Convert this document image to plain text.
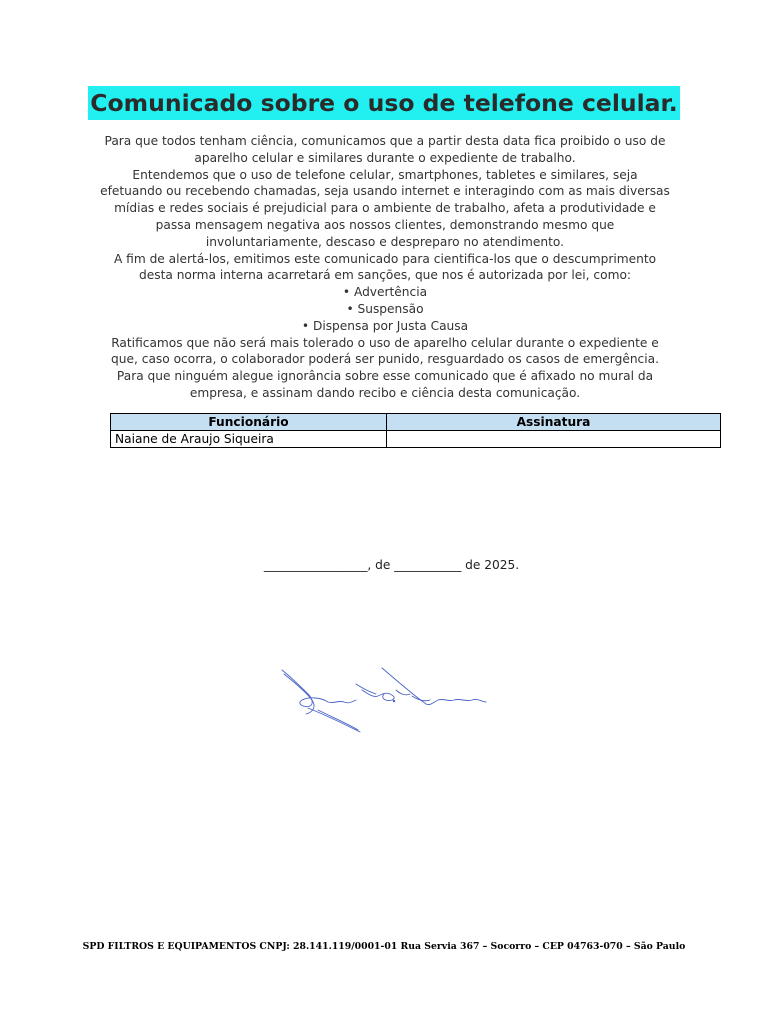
Comunicado sobre o uso de telefone celular.

Para que todos tenham ciência, comunicamos que a partir desta data fica proibido o uso de aparelho celular e similares durante o expediente de trabalho.

Entendemos que o uso de telefone celular, smartphones, tabletes e similares, seja efetuando ou recebendo chamadas, seja usando internet e interagindo com as mais diversas mídias e redes sociais é prejudicial para o ambiente de trabalho, afeta a produtividade e passa mensagem negativa aos nossos clientes, demonstrando mesmo que involuntariamente, descaso e despreparo no atendimento.

A fim de alertá-los, emitimos este comunicado para cientifica-los que o descumprimento desta norma interna acarretará em sanções, que nos é autorizada por lei, como:

• Advertência

• Suspensão

• Dispensa por Justa Causa

Ratificamos que não será mais tolerado o uso de aparelho celular durante o expediente e que, caso ocorra, o colaborador poderá ser punido, resguardado os casos de emergência. Para que ninguém alegue ignorância sobre esse comunicado que é afixado no mural da empresa, e assinam dando recibo e ciência desta comunicação.

Funcionário	Assinatura
Naiane de Araujo Siqueira	
_________________, de ___________ de 2025.
SPD FILTROS E EQUIPAMENTOS CNPJ: 28.141.119/0001-01 Rua Servia 367 – Socorro – CEP 04763-070 – São Paulo
